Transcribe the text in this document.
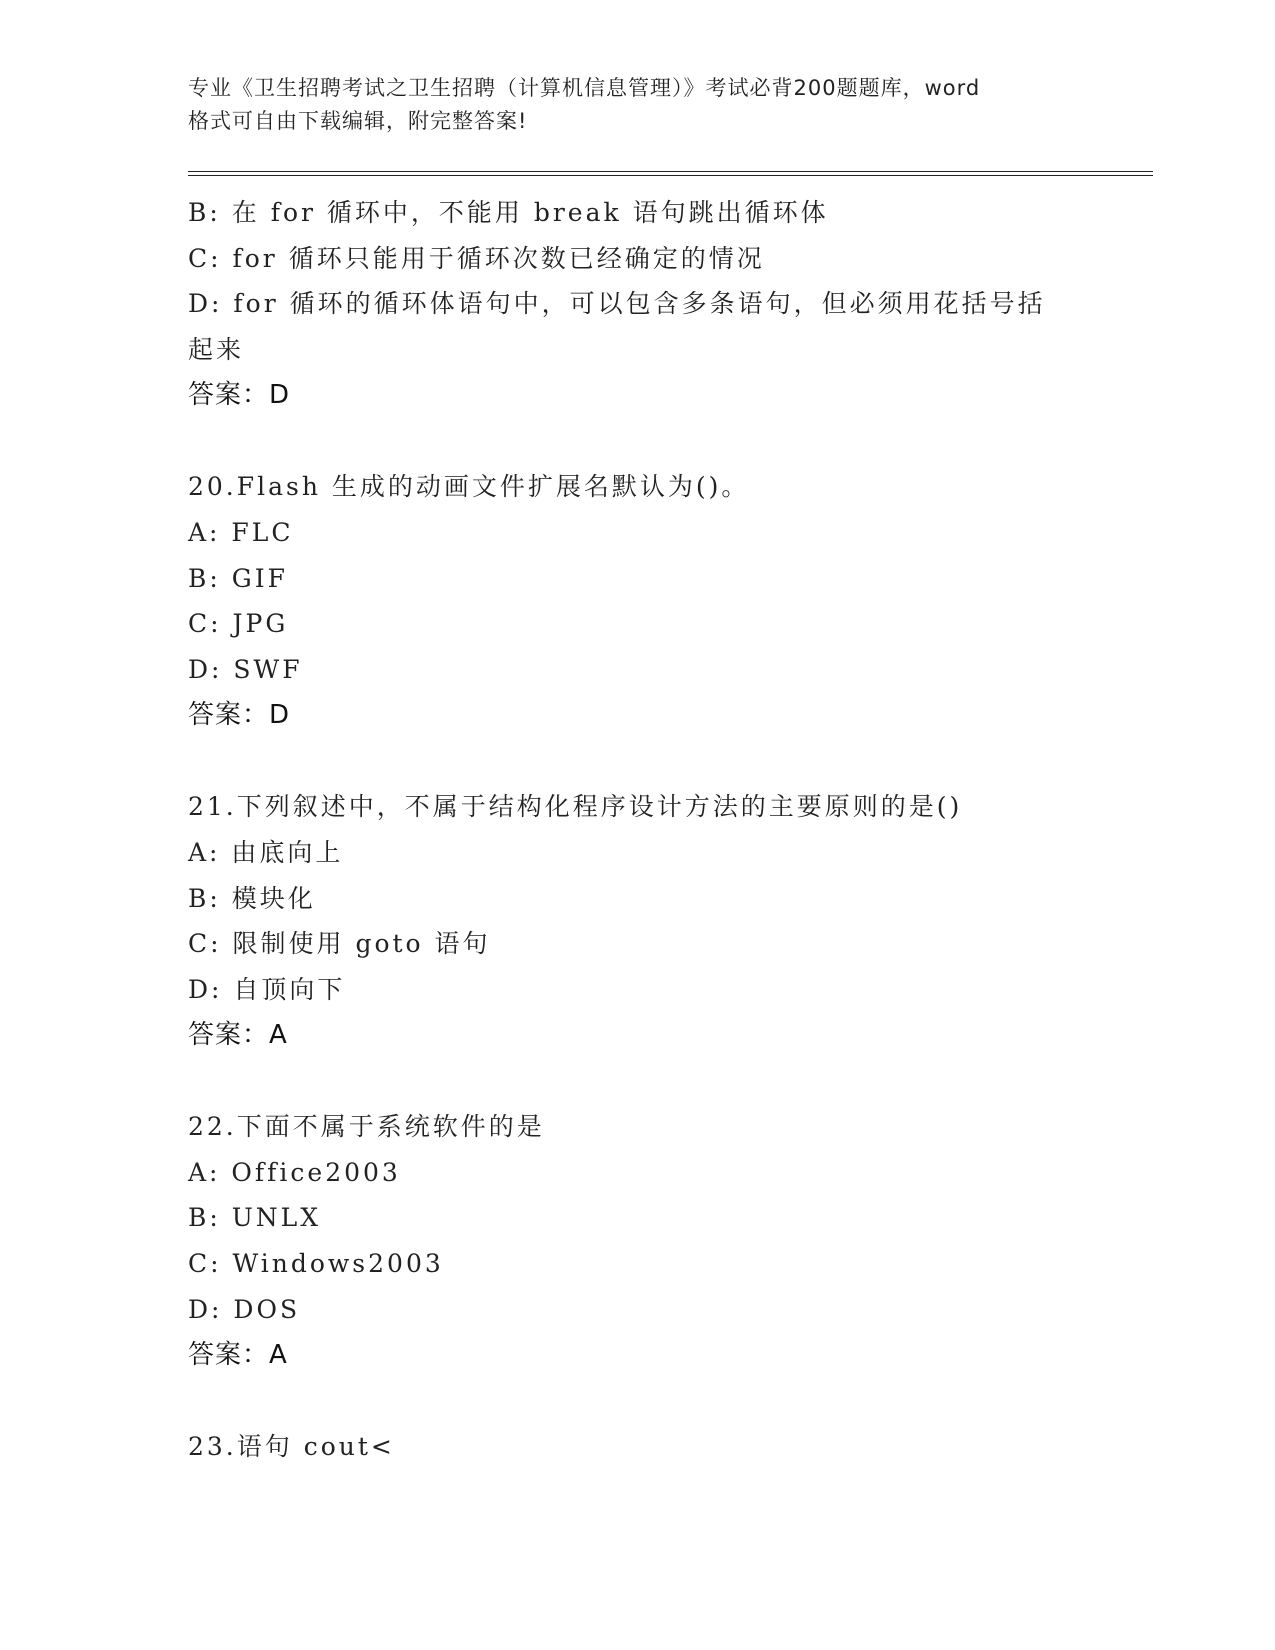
专业《卫生招聘考试之卫生招聘（计算机信息管理）》考试必背200题题库，word
格式可自由下载编辑，附完整答案!

B: 在 for 循环中，不能用 break 语句跳出循环体

C: for 循环只能用于循环次数已经确定的情况

D: for 循环的循环体语句中，可以包含多条语句，但必须用花括号括

起来

答案：D

20.Flash 生成的动画文件扩展名默认为()。

A: FLC

B: GIF

C: JPG

D: SWF

答案：D

21.下列叙述中，不属于结构化程序设计方法的主要原则的是()

A: 由底向上

B: 模块化

C: 限制使用 goto 语句

D: 自顶向下

答案：A

22.下面不属于系统软件的是

A: Office2003

B: UNLX

C: Windows2003

D: DOS

答案：A

23.语句 cout<
